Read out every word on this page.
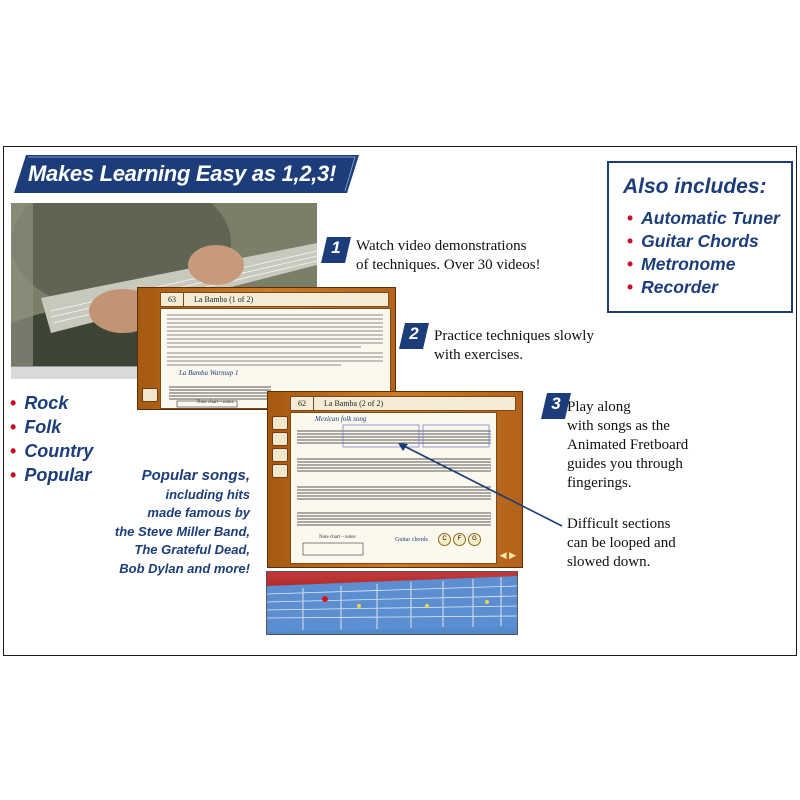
Makes Learning Easy as 1,2,3!
1	Watch video demonstrations
of techniques. Over 30 videos!
63 La Bamba (1 of 2)
La Bamba Warmup 1
Note chart – notes
2	Practice techniques slowly
with exercises.
62 La Bamba (2 of 2)
Mexican folk song
Note chart – notes	Guitar chords	C	F	G
◀ ▶
3 Play along
with songs as the
Animated Fretboard
guides you through
fingerings.
Difficult sections
can be looped and
slowed down.
Also includes:
• Automatic Tuner
• Guitar Chords
• Metronome
• Recorder
• Rock
• Folk
• Country
• Popular	Popular songs,
including hits
made famous by
the Steve Miller Band,
The Grateful Dead,
Bob Dylan and more!
